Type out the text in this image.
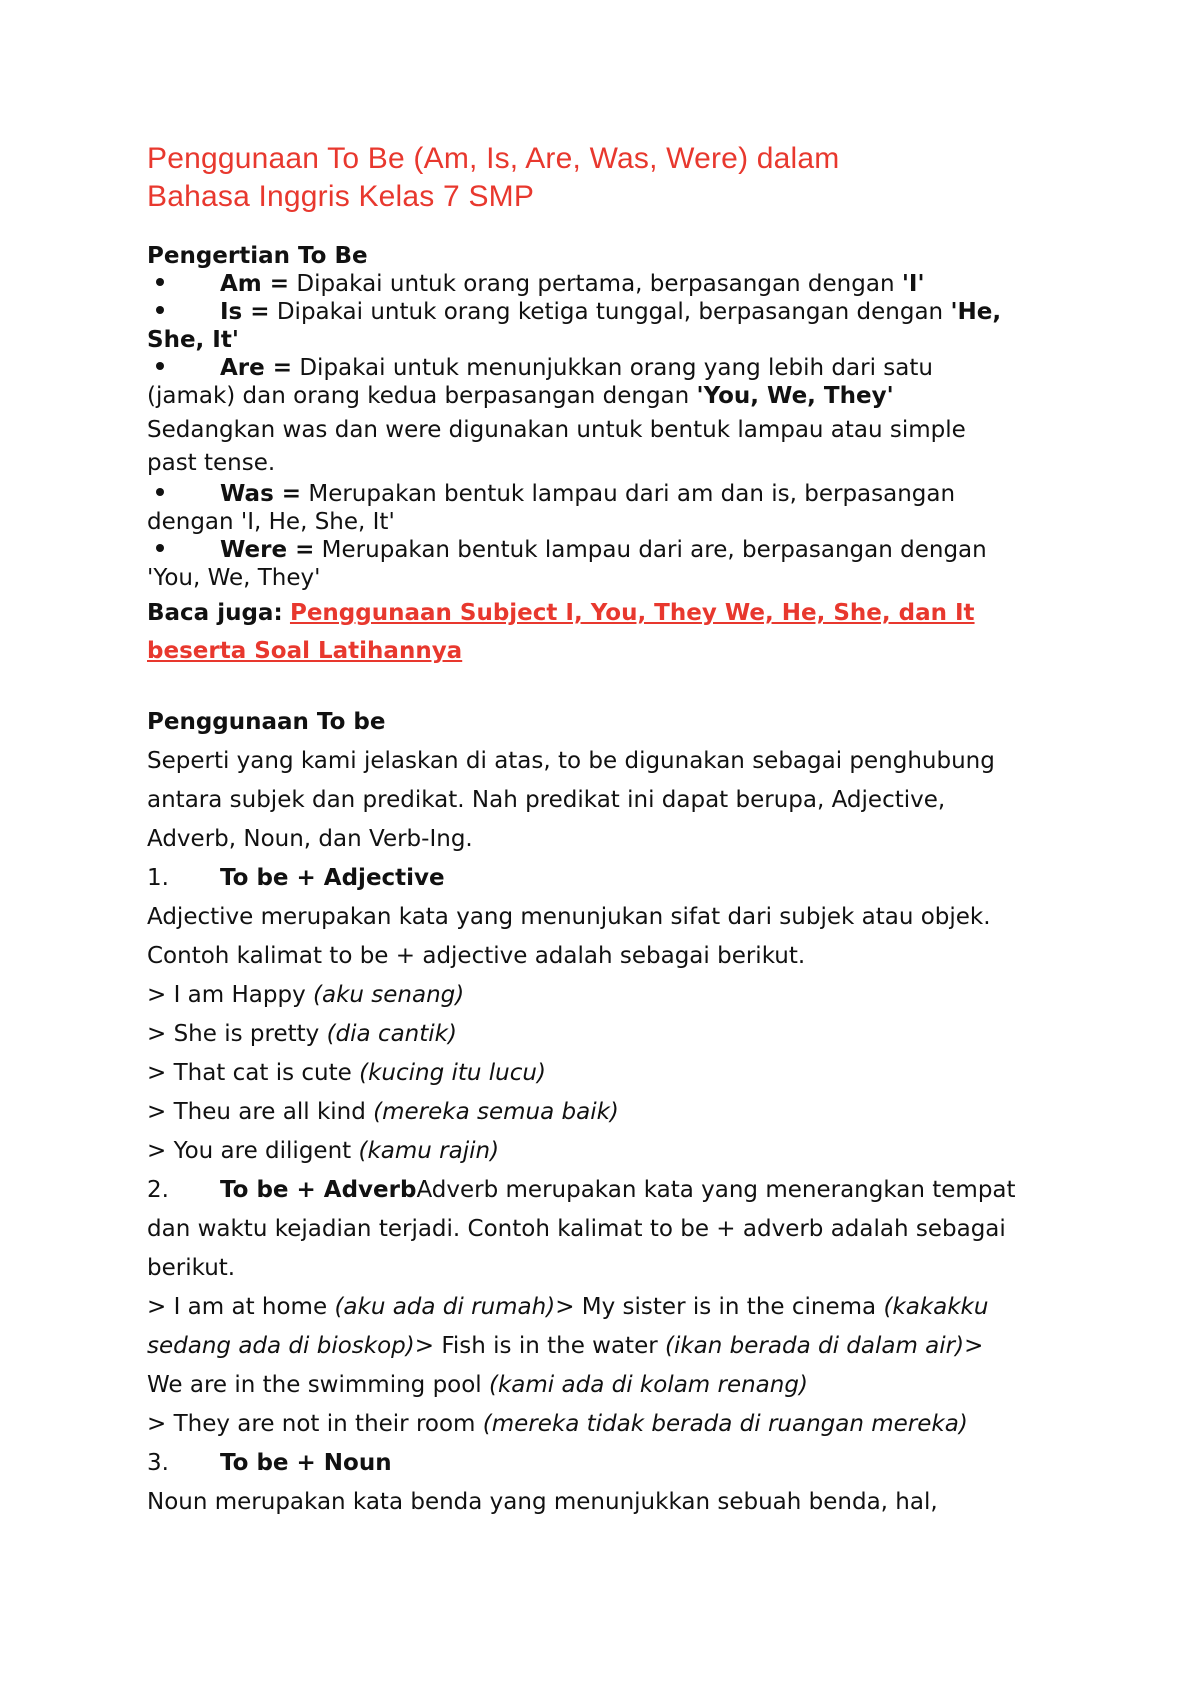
Penggunaan To Be (Am, Is, Are, Was, Were) dalam
Bahasa Inggris Kelas 7 SMP

Pengertian To Be

Am = Dipakai untuk orang pertama, berpasangan dengan 'I'

Is = Dipakai untuk orang ketiga tunggal, berpasangan dengan 'He,
She, It'

Are = Dipakai untuk menunjukkan orang yang lebih dari satu
(jamak) dan orang kedua berpasangan dengan 'You, We, They'

Sedangkan was dan were digunakan untuk bentuk lampau atau simple
past tense.

Was = Merupakan bentuk lampau dari am dan is, berpasangan
dengan 'I, He, She, It'

Were = Merupakan bentuk lampau dari are, berpasangan dengan
'You, We, They'

Baca juga: Penggunaan Subject I, You, They We, He, She, dan It
beserta Soal Latihannya

Penggunaan To be

Seperti yang kami jelaskan di atas, to be digunakan sebagai penghubung
antara subjek dan predikat. Nah predikat ini dapat berupa, Adjective,
Adverb, Noun, dan Verb-Ing.

1. To be + Adjective

Adjective merupakan kata yang menunjukan sifat dari subjek atau objek.
Contoh kalimat to be + adjective adalah sebagai berikut.

> I am Happy (aku senang)

> She is pretty (dia cantik)

> That cat is cute (kucing itu lucu)

> Theu are all kind (mereka semua baik)

> You are diligent (kamu rajin)

2. To be + AdverbAdverb merupakan kata yang menerangkan tempat
dan waktu kejadian terjadi. Contoh kalimat to be + adverb adalah sebagai
berikut.

> I am at home (aku ada di rumah)> My sister is in the cinema (kakakku
sedang ada di bioskop)> Fish is in the water (ikan berada di dalam air)>
We are in the swimming pool (kami ada di kolam renang)
> They are not in their room (mereka tidak berada di ruangan mereka)

3. To be + Noun

Noun merupakan kata benda yang menunjukkan sebuah benda, hal,
